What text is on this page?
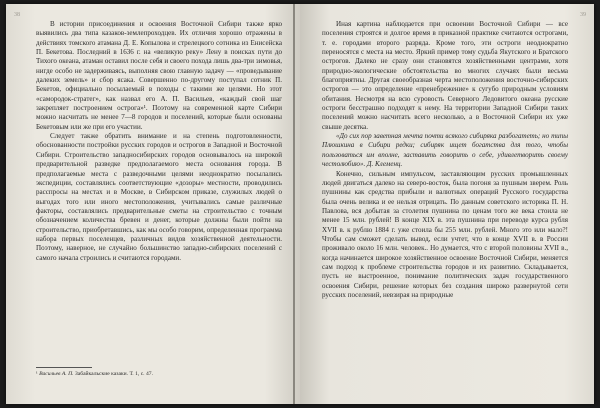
38

В истории присоединения и освоения Восточной Сибири также ярко выявились два типа казаков-землепроходцев. Их отличия хорошо отражены в действиях томского атамана Д. Е. Копылова и стрелецкого сотника из Енисейска П. Бекетова. Последний в 1636 г. на «великую реку» Лену в поисках пути до Тихого океана, атаман оставил после себя и своего похода лишь два-три зимовья, нигде особо не задерживаясь, выполняя свою главную задачу — «проведывание далеких земель» и сбор ясака. Совершенно по-другому поступал сотник П. Бекетов, официально посылаемый в походы с такими же целями. Но этот «самородок-стратег», как назвал его А. П. Васильев, «каждый свой шаг закрепляет построением острога»¹. Поэтому на современной карте Сибири можно насчитать не менее 7—8 городов и поселений, которые были основаны Бекетовым или же при его участии.

Следует также обратить внимание и на степень подготовленности, обоснованности постройки русских городов и острогов в Западной и Восточной Сибири. Строительство западносибирских городов основывалось на широкой предварительной разведке предполагаемого места основания города. В предполагаемые места с разведочными целями неоднократно посылались экспедиции, составлялись соответствующие «дозоры» местности, проводились расспросы на местах и в Москве, в Сибирском приказе, служилых людей о выгодах того или иного местоположения, учитывались самые различные факторы, составлялись предварительные сметы на строительство с точным обозначением количества бревен и денег, которые должны были пойти на строительство, приобретавшись, как мы особо говорим, определенная программа набора первых поселенцев, различных видов хозяйственной деятельности. Поэтому, наверное, не случайно большинство западно-сибирских поселений с самого начала строились и считаются городами.

¹ Васильев А. П. Забайкальские казаки. Т. 1, с. 47.
39

Иная картина наблюдается при освоении Восточной Сибири — все поселения строятся и долгое время в приказной практике считаются острогами, т. е. городами второго разряда. Кроме того, эти остроги неоднократно переносятся с места на место. Яркий пример тому судьба Якутского и Братского острогов. Далеко не сразу они становятся хозяйственными центрами, хотя природно-экологические обстоятельства во многих случаях были весьма благоприятны. Другая своеобразная черта местоположения восточно-сибирских острогов — это определение «пренебрежение» к сугубо природным условиям обитания. Несмотря на всю суровость Северного Ледовитого океана русские остроги бесстрашно подходят к нему. На территории Западной Сибири таких поселений можно насчитать всего несколько, а в Восточной Сибири их уже свыше десятка.

«До сих пор заветная мечта почти всякого сибиряка разбогатеть; но типы Плюшкина в Сибири редки; сибиряк ищет богатства для того, чтобы пользоваться им вполне, заставить говорить о себе, удивлетворить своему честолюбию». Д. Клеменц.

Конечно, сильным импульсом, заставляющим русских промышленных людей двигаться далеко на северо-восток, была погоня за пушным зверем. Роль пушнины как средства прибыли и валютных операций Русского государства была очень велика и ее нельзя отрицать. По данным советского историка П. Н. Павлова, вся добытая за столетия пушнина по ценам того же века стоила не менее 15 млн. рублей! В конце XIX в. эта пушнина при переводе курса рубля XVII в. к рублю 1884 г. уже стоила бы 255 млн. рублей. Много это или мало?! Чтобы сам сможет сделать вывод, если учтет, что в конце XVII в. в России проживало около 16 млн. человек.. Но думается, что с второй половины XVII в., когда начинается широкое хозяйственное освоение Восточной Сибири, меняется сам подход к проблеме строительства городов и их развитию. Складывается, пусть не выстроенное, понимание политических задач государственного освоения Сибири, решение которых без создания широко развернутой сети русских поселений, невзирая на природные
